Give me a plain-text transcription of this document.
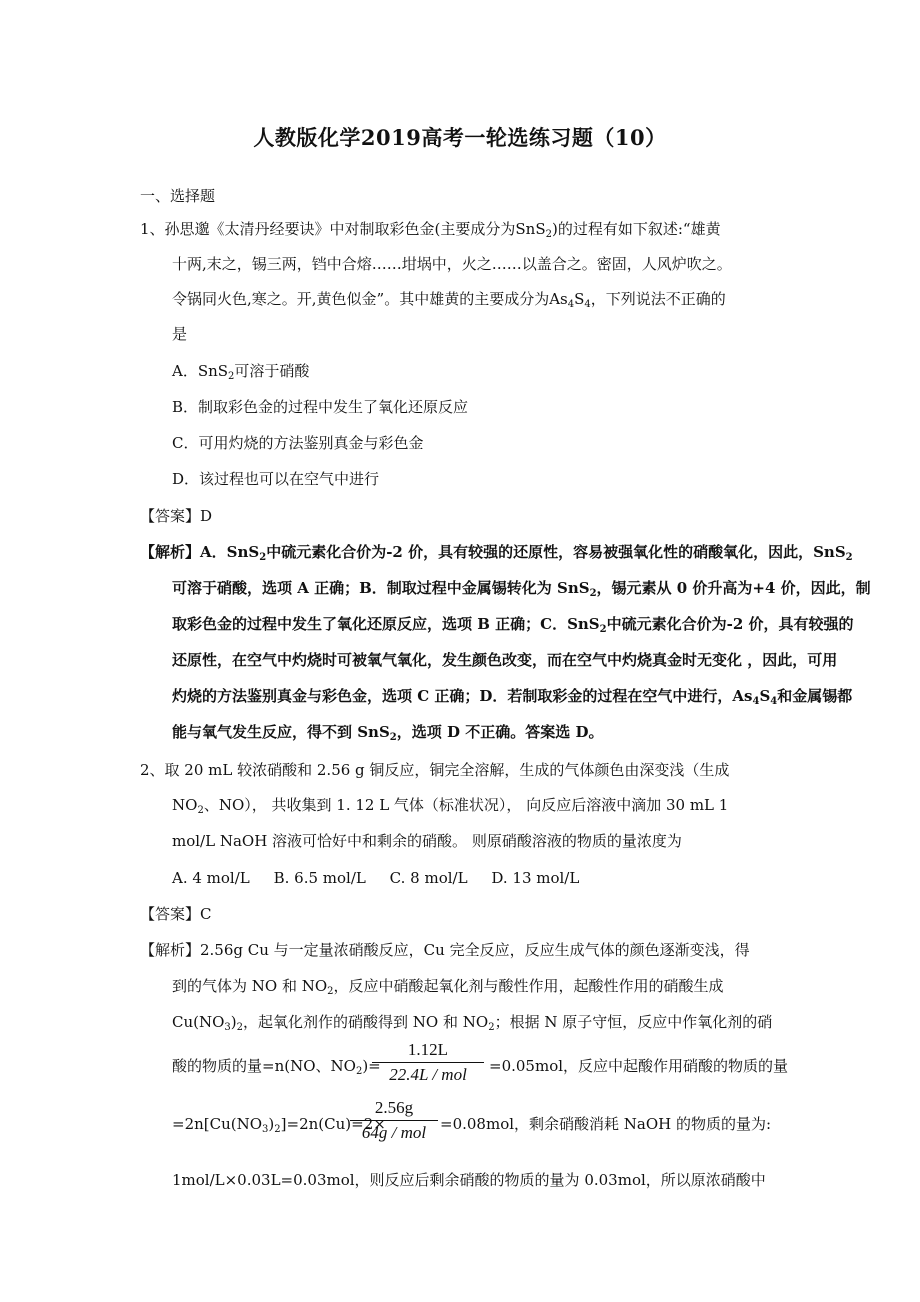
人教版化学2019高考一轮选练习题（10）
一、选择题
1、孙思邈《太清丹经要诀》中对制取彩色金(主要成分为SnS$_2$)的过程有如下叙述:“雄黄
十两,末之，锡三两，铛中合熔……坩埚中，火之……以盖合之。密固，人风炉吹之。
令锅同火色,寒之。开,黄色似金”。其中雄黄的主要成分为$As_4S_4$，下列说法不正确的
是
A．SnS$_2$可溶于硝酸
B．制取彩色金的过程中发生了氧化还原反应
C．可用灼烧的方法鉴别真金与彩色金
D．该过程也可以在空气中进行
【答案】D
【解析】A．SnS$_2$中硫元素化合价为-2 价，具有较强的还原性，容易被强氧化性的硝酸氧化，因此，SnS$_2$
可溶于硝酸，选项 A 正确；B．制取过程中金属锡转化为 SnS$_2$，锡元素从 0 价升高为+4 价，因此，制
取彩色金的过程中发生了氧化还原反应，选项 B 正确；C．SnS$_2$中硫元素化合价为-2 价，具有较强的
还原性，在空气中灼烧时可被氧气氧化，发生颜色改变，而在空气中灼烧真金时无变化 ，因此，可用
灼烧的方法鉴别真金与彩色金，选项 C 正确；D．若制取彩金的过程在空气中进行，$As_4S_4$和金属锡都
能与氧气发生反应，得不到 SnS$_2$，选项 D 不正确。答案选 D。
2、取 20 mL 较浓硝酸和 2.56 g 铜反应，铜完全溶解，生成的气体颜色由深变浅（生成
$NO_2$、NO）， 共收集到 1. 12 L 气体（标准状况）， 向反应后溶液中滴加 30 mL 1
mol/L NaOH 溶液可恰好中和剩余的硝酸。 则原硝酸溶液的物质的量浓度为
A. 4 mol/L     B. 6.5 mol/L     C. 8 mol/L     D. 13 mol/L
【答案】C
【解析】2.56g Cu 与一定量浓硝酸反应，Cu 完全反应，反应生成气体的颜色逐渐变浅，得
到的气体为 NO 和 $NO_2$，反应中硝酸起氧化剂与酸性作用，起酸性作用的硝酸生成
$Cu(NO_3)_2$，起氧化剂作的硝酸得到 NO 和 $NO_2$；根据 N 原子守恒，反应中作氧化剂的硝
酸的物质的量=n(NO、$NO_2)=$
1.12L
22.4L / mol	=0.05mol，反应中起酸作用硝酸的物质的量
$=2n[Cu(NO_3)_2]=2n(Cu)=2\times$
2.56g
64g / mol =0.08mol，剩余硝酸消耗 NaOH 的物质的量为:
1mol/L×0.03L=0.03mol，则反应后剩余硝酸的物质的量为 0.03mol，所以原浓硝酸中
